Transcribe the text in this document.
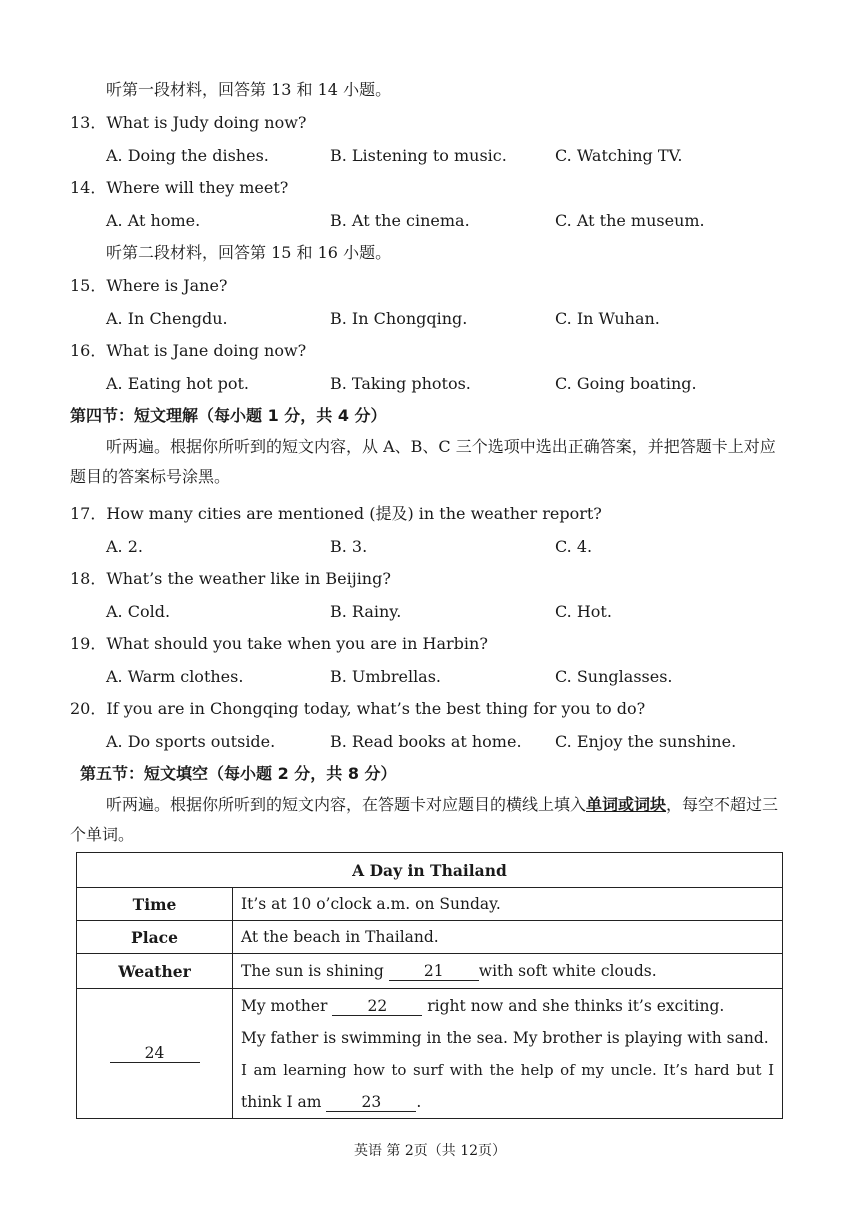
听第一段材料，回答第 13 和 14 小题。
13．What is Judy doing now?
A. Doing the dishes.	B. Listening to music.	C. Watching TV.
14．Where will they meet?
A. At home.	B. At the cinema.	C. At the museum.
听第二段材料，回答第 15 和 16 小题。
15．Where is Jane?
A. In Chengdu.	B. In Chongqing.	C. In Wuhan.
16．What is Jane doing now?
A. Eating hot pot.	B. Taking photos.	C. Going boating.
第四节：短文理解（每小题 1 分，共 4 分）
听两遍。根据你所听到的短文内容，从 A、B、C 三个选项中选出正确答案，并把答题卡上对应题目的答案标号涂黑。
17．How many cities are mentioned (提及) in the weather report?
A. 2.	B. 3.	C. 4.
18．What’s the weather like in Beijing?
A. Cold.	B. Rainy.	C. Hot.
19．What should you take when you are in Harbin?
A. Warm clothes.	B. Umbrellas.	C. Sunglasses.
20．If you are in Chongqing today, what’s the best thing for you to do?
A. Do sports outside.	B. Read books at home. C. Enjoy the sunshine.
第五节：短文填空（每小题 2 分，共 8 分）
听两遍。根据你所听到的短文内容，在答题卡对应题目的横线上填入单词或词块，每空不超过三个单词。
A Day in Thailand	
Time	It’s at 10 o’clock a.m. on Sunday.
Place	At the beach in Thailand.
Weather	The sun is shining 21 with soft white clouds.
24	My mother 22 right now and she thinks it’s exciting.
My father is swimming in the sea. My brother is playing with sand.
I am learning how to surf with the help of my uncle. It’s hard but I
think I am 23 .
英语 第 2页（共 12页）
